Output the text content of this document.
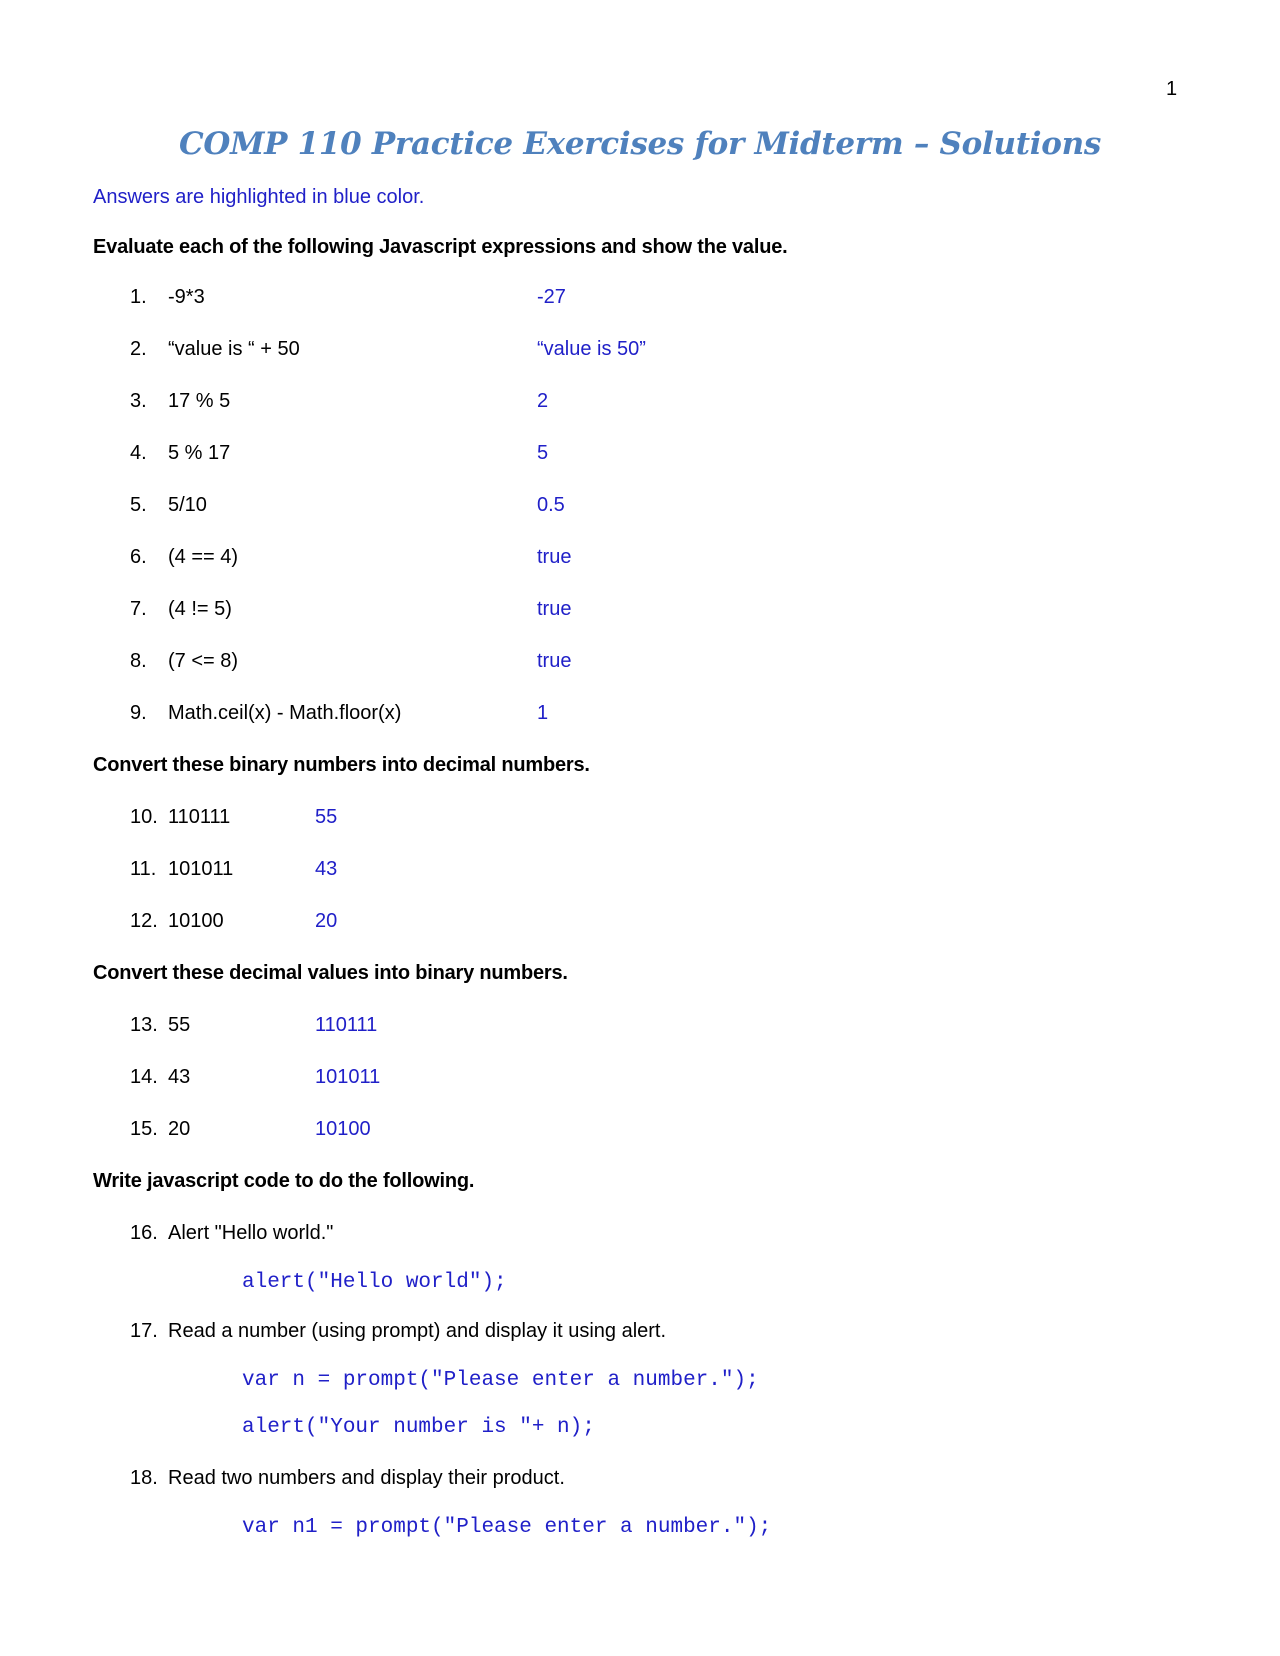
1
COMP 110 Practice Exercises for Midterm – Solutions
Answers are highlighted in blue color.
Evaluate each of the following Javascript expressions and show the value.
1. -9*3	-27
2. “value is “ + 50	“value is 50”
3. 17 % 5	2
4. 5 % 17	5
5. 5/10	0.5
6. (4 == 4)	true
7. (4 != 5)	true
8. (7 <= 8)	true
9. Math.ceil(x) - Math.floor(x)	1
Convert these binary numbers into decimal numbers.
10. 110111	55
11. 101011	43
12. 10100	20
Convert these decimal values into binary numbers.
13. 55	110111
14. 43	101011
15. 20	10100
Write javascript code to do the following.
16. Alert "Hello world."
alert("Hello world");
17. Read a number (using prompt) and display it using alert.
var n = prompt("Please enter a number.");
alert("Your number is "+ n);
18. Read two numbers and display their product.
var n1 = prompt("Please enter a number.");
